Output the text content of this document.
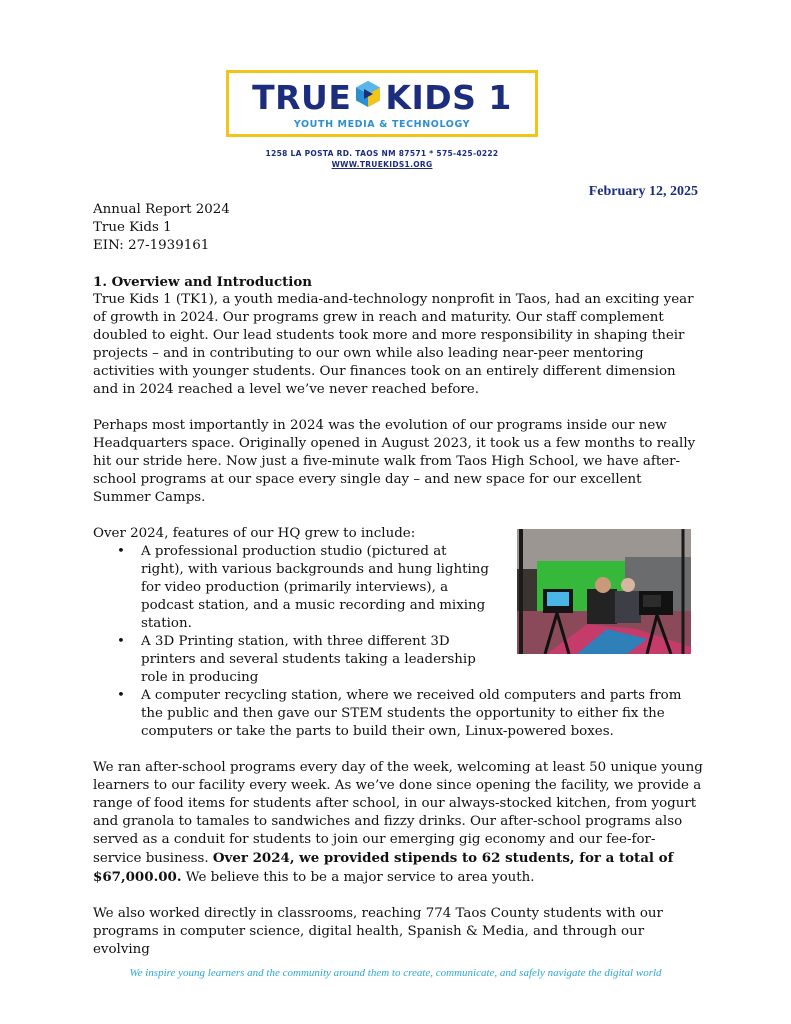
TRUE KIDS 1
YOUTH MEDIA & TECHNOLOGY
1258 LA POSTA RD. TAOS NM 87571 * 575-425-0222
WWW.TRUEKIDS1.ORG
February 12, 2025

Annual Report 2024

True Kids 1

EIN: 27-1939161

1. Overview and Introduction

True Kids 1 (TK1), a youth media-and-technology nonprofit in Taos, had an exciting year of growth in 2024. Our programs grew in reach and maturity. Our staff complement doubled to eight. Our lead students took more and more responsibility in shaping their projects – and in contributing to our own while also leading near-peer mentoring activities with younger students. Our finances took on an entirely different dimension and in 2024 reached a level we’ve never reached before.

Perhaps most importantly in 2024 was the evolution of our programs inside our new Headquarters space. Originally opened in August 2023, it took us a few months to really hit our stride here. Now just a five-minute walk from Taos High School, we have after-school programs at our space every single day – and new space for our excellent Summer Camps.

Over 2024, features of our HQ grew to include:

• A professional production studio (pictured at right), with various backgrounds and hung lighting for video production (primarily interviews), a podcast station, and a music recording and mixing station.
• A 3D Printing station, with three different 3D printers and several students taking a leadership role in producing
• A computer recycling station, where we received old computers and parts from the public and then gave our STEM students the opportunity to either fix the computers or take the parts to build their own, Linux-powered boxes.

We ran after-school programs every day of the week, welcoming at least 50 unique young learners to our facility every week. As we’ve done since opening the facility, we provide a range of food items for students after school, in our always-stocked kitchen, from yogurt and granola to tamales to sandwiches and fizzy drinks. Our after-school programs also served as a conduit for students to join our emerging gig economy and our fee-for-service business. Over 2024, we provided stipends to 62 students, for a total of $67,000.00. We believe this to be a major service to area youth.

We also worked directly in classrooms, reaching 774 Taos County students with our programs in computer science, digital health, Spanish & Media, and through our evolving

We inspire young learners and the community around them to create, communicate, and safely navigate the digital world
